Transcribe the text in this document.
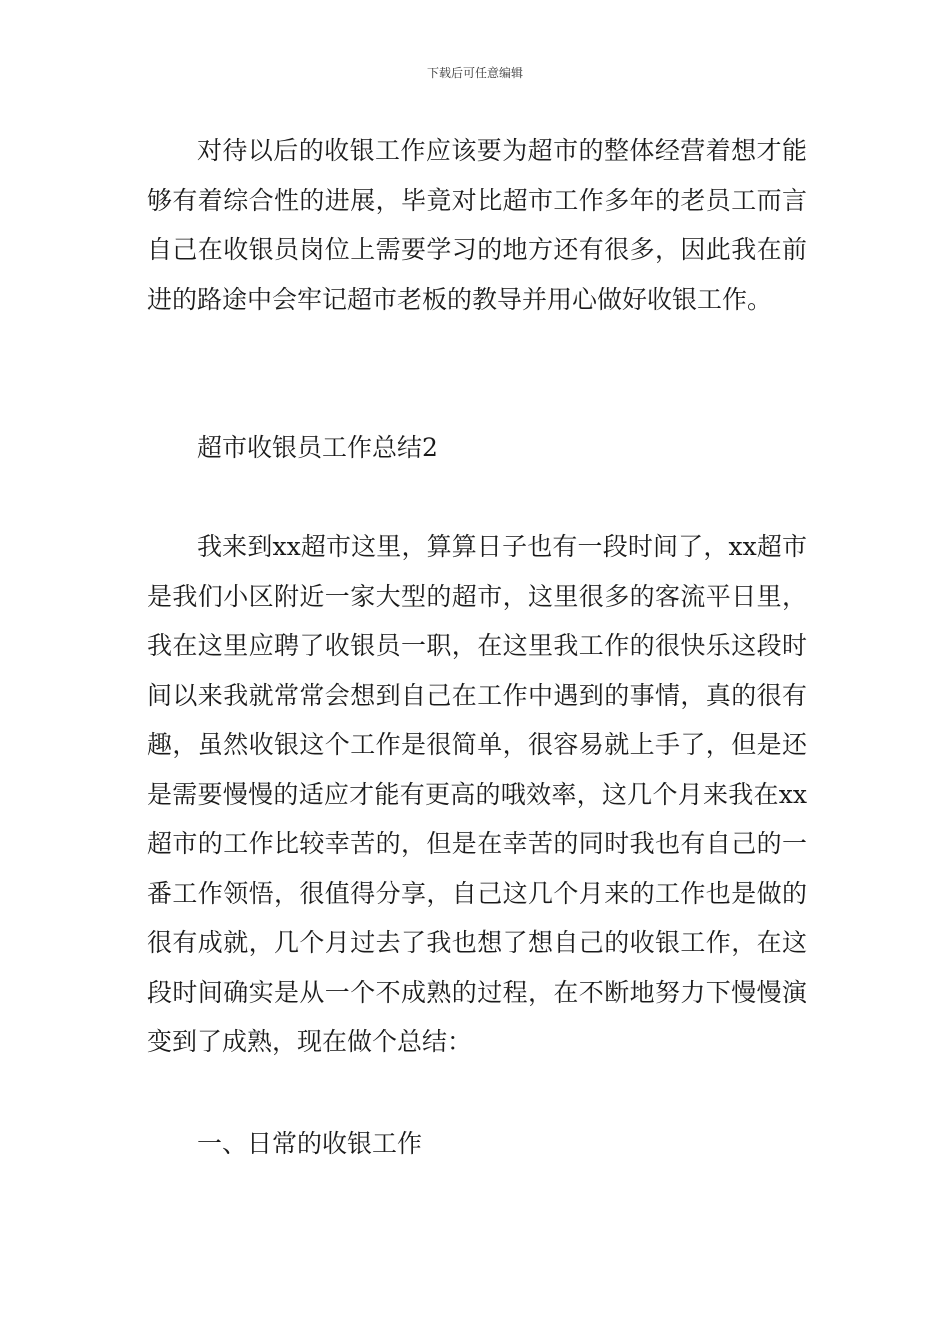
下载后可任意编辑

对待以后的收银工作应该要为超市的整体经营着想才能够有着综合性的进展，毕竟对比超市工作多年的老员工而言自己在收银员岗位上需要学习的地方还有很多，因此我在前进的路途中会牢记超市老板的教导并用心做好收银工作。

超市收银员工作总结2

我来到xx超市这里，算算日子也有一段时间了，xx超市是我们小区附近一家大型的超市，这里很多的客流平日里，我在这里应聘了收银员一职，在这里我工作的很快乐这段时间以来我就常常会想到自己在工作中遇到的事情，真的很有趣，虽然收银这个工作是很简单，很容易就上手了，但是还是需要慢慢的适应才能有更高的哦效率，这几个月来我在xx超市的工作比较幸苦的，但是在幸苦的同时我也有自己的一番工作领悟，很值得分享，自己这几个月来的工作也是做的很有成就，几个月过去了我也想了想自己的收银工作，在这段时间确实是从一个不成熟的过程，在不断地努力下慢慢演变到了成熟，现在做个总结：

一、日常的收银工作
